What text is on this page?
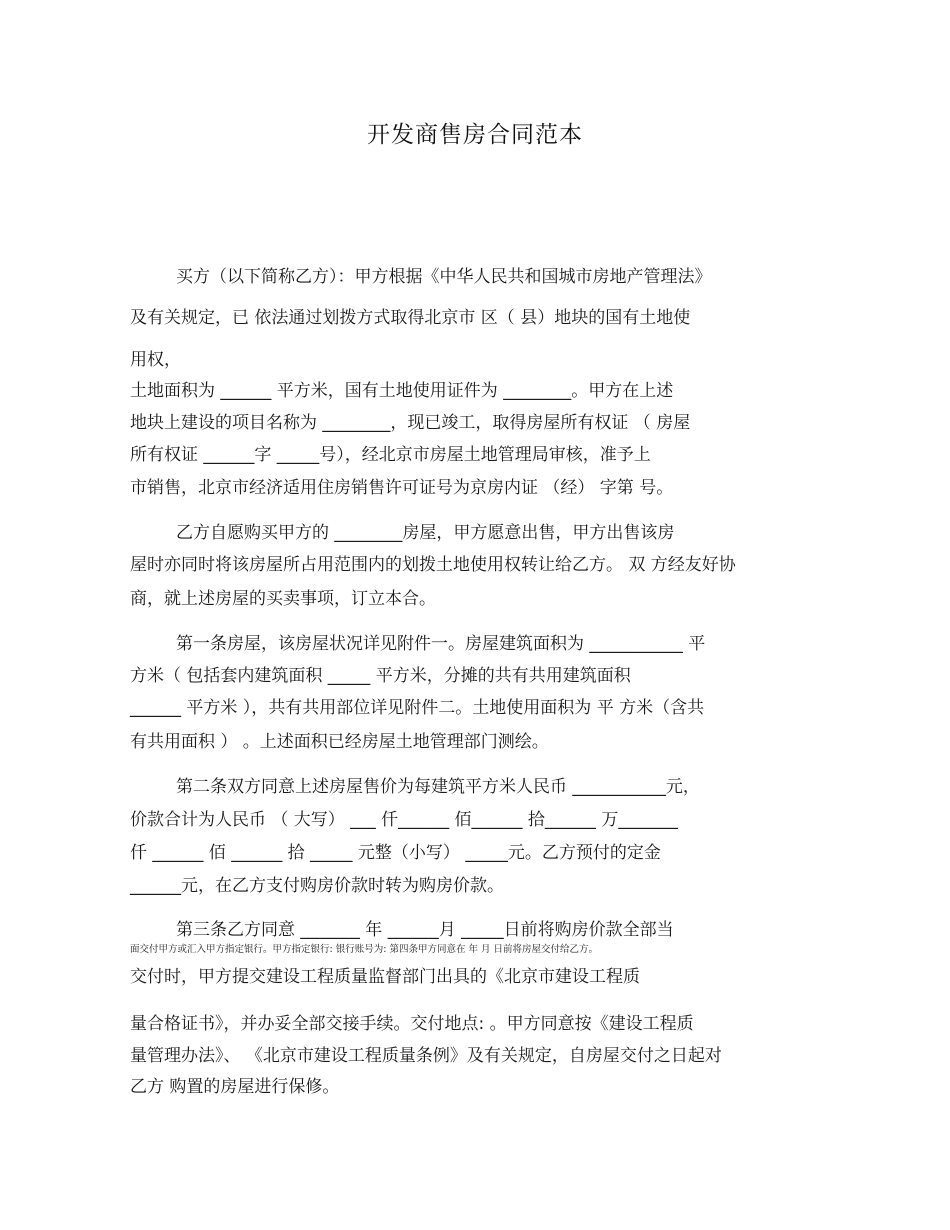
开发商售房合同范本
买方（以下简称乙方）：甲方根据《中华人民共和国城市房地产管理法》
及有关规定，已 依法通过划拨方式取得北京市 区（ 县）地块的国有土地使
用权，
土地面积为 ______ 平方米，国有土地使用证件为 ________。甲方在上述
地块上建设的项目名称为 ________，现已竣工，取得房屋所有权证 （ 房屋
所有权证 ______字 _____号），经北京市房屋土地管理局审核，准予上
市销售，北京市经济适用住房销售许可证号为京房内证 （经） 字第 号。
乙方自愿购买甲方的 ________房屋，甲方愿意出售，甲方出售该房
屋时亦同时将该房屋所占用范围内的划拨土地使用权转让给乙方。 双 方经友好协
商，就上述房屋的买卖事项，订立本合。
第一条房屋，该房屋状况详见附件一。房屋建筑面积为 ___________ 平
方米（ 包括套内建筑面积 _____ 平方米，分摊的共有共用建筑面积
______ 平方米 ），共有共用部位详见附件二。土地使用面积为 平 方米（含共
有共用面积 ） 。上述面积已经房屋土地管理部门测绘。
第二条双方同意上述房屋售价为每建筑平方米人民币 ___________元，
价款合计为人民币 （ 大写） ___ 仟______ 佰______ 拾______ 万_______
仟 ______ 佰 ______ 拾 _____ 元整（小写） _____元。乙方预付的定金
______元，在乙方支付购房价款时转为购房价款。
第三条乙方同意 _______ 年 ______月 _____日前将购房价款全部当
面交付甲方或汇入甲方指定银行。甲方指定银行: 银行账号为: 第四条甲方同意在 年 月 日前将房屋交付给乙方。
交付时，甲方提交建设工程质量监督部门出具的《北京市建设工程质
量合格证书》，并办妥全部交接手续。交付地点: 。甲方同意按《建设工程质
量管理办法》、 《北京市建设工程质量条例》及有关规定，自房屋交付之日起对
乙方 购置的房屋进行保修。
